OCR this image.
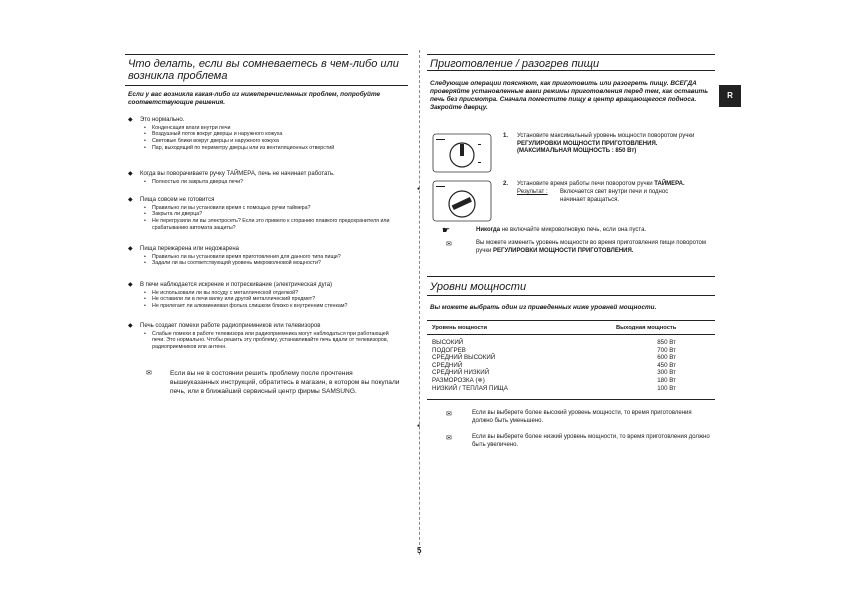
Что делать, если вы сомневаетесь в чем-либо или возникла проблема
Если у вас возникла какая-либо из нижеперечисленных проблем, попробуйте соответствующие решения.
◆ Это нормально.
• Конденсация влаги внутри печи
• Воздушный поток вокруг дверцы и наружного кожуха
• Световые блики вокруг дверцы и наружного кожуха
• Пар, выходящий по периметру дверцы или из вентиляционных отверстий
◆ Когда вы поворачиваете ручку ТАЙМЕРА, печь не начинает работать.
• Полностью ли закрыта дверца печи?
◆ Пища совсем не готовится
• Правильно ли вы установили время с помощью ручки таймера?
• Закрыта ли дверца?
• Не перегрузили ли вы электросеть? Если это привело к сгоранию плавкого предохранителя или срабатыванию автомата защиты?
◆ Пища пережарена или недожарена
• Правильно ли вы установили время приготовления для данного типа пищи?
• Задали ли вы соответствующий уровень микроволновой мощности?
◆ В печи наблюдается искрение и потрескивание (электрическая дуга)
• Не использовали ли вы посуду с металлической отделкой?
• Не оставили ли в печи вилку или другой металлический предмет?
• Не прилегает ли алюминиевая фольга слишком близко к внутренним стенкам?
◆ Печь создает помехи работе радиоприемников или телевизоров
• Слабые помехи в работе телевизора или радиоприемника могут наблюдаться при работающей печи. Это нормально. Чтобы решить эту проблему, устанавливайте печь вдали от телевизоров, радиоприемников или антенн.
✉	Если вы не в состоянии решить проблему после прочтения вышеуказанных инструкций, обратитесь в магазин, в котором вы покупали печь, или в ближайший сервисный центр фирмы SAMSUNG.
●
●
Приготовление / разогрев пищи
Следующие операции поясняют, как приготовить или разогреть пищу. ВСЕГДА проверяйте установленные вами режимы приготовления перед тем, как оставить печь без присмотра. Сначала поместите пищу в центр вращающегося подноса. Закройте дверцу.
R
▬▬▬
▬
▬
1. Установите максимальный уровень мощности поворотом ручки РЕГУЛИРОВКИ МОЩНОСТИ ПРИГОТОВЛЕНИЯ. (МАКСИМАЛЬНАЯ МОЩНОСТЬ : 850 Вт)
▬▬▬	2. Установите время работы печи поворотом ручки ТАЙМЕРА.
Результат : Включается свет внутри печи и поднос начинает вращаться.
☛	Никогда не включайте микроволновую печь, если она пуста.
✉	Вы можете изменить уровень мощности во время приготовления пищи поворотом ручки РЕГУЛИРОВКИ МОЩНОСТИ ПРИГОТОВЛЕНИЯ.
Уровни мощности
Вы можете выбрать один из приведенных ниже уровней мощности.
Уровень мощности	Выходная мощность
ВЫСОКИЙ	850 Вт
ПОДОГРЕВ	700 Вт
СРЕДНИЙ ВЫСОКИЙ	600 Вт
СРЕДНИЙ	450 Вт
СРЕДНИЙ НИЗКИЙ	300 Вт
РАЗМОРОЗКА (❄)	180 Вт
НИЗКИЙ / ТЕПЛАЯ ПИЩА	100 Вт
✉	Если вы выберете более высокий уровень мощности, то время приготовления должно быть уменьшено.
✉	Если вы выберете более низкий уровень мощности, то время приготовления должно быть увеличено.
5
